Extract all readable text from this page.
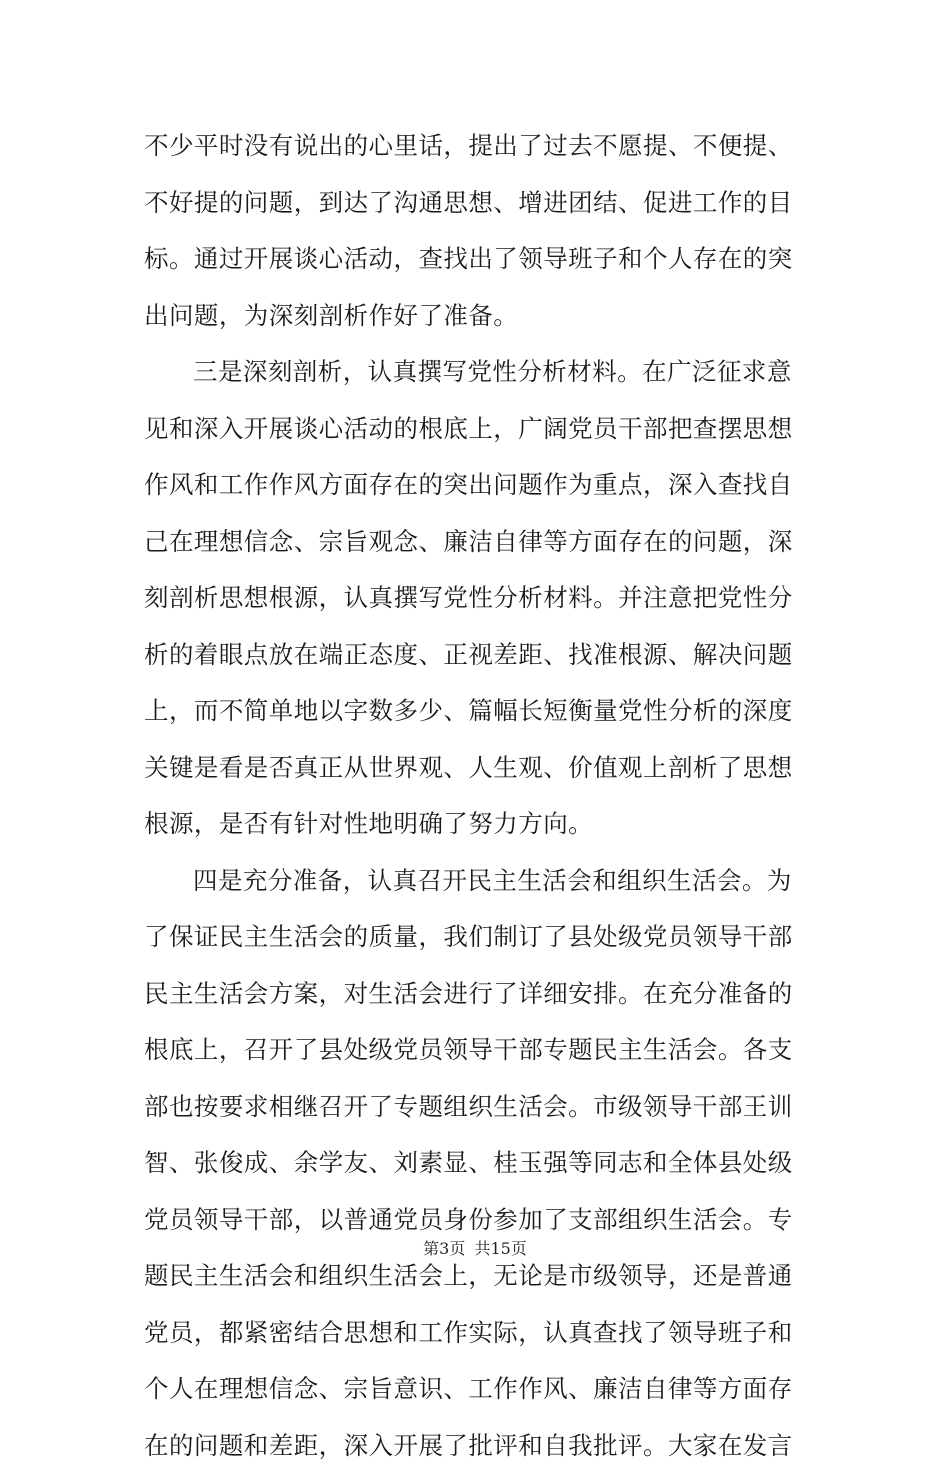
不少平时没有说出的心里话，提出了过去不愿提、不便提、
不好提的问题，到达了沟通思想、增进团结、促进工作的目
标。通过开展谈心活动，查找出了领导班子和个人存在的突
出问题，为深刻剖析作好了准备。
三是深刻剖析，认真撰写党性分析材料。在广泛征求意
见和深入开展谈心活动的根底上，广阔党员干部把查摆思想
作风和工作作风方面存在的突出问题作为重点，深入查找自
己在理想信念、宗旨观念、廉洁自律等方面存在的问题，深
刻剖析思想根源，认真撰写党性分析材料。并注意把党性分
析的着眼点放在端正态度、正视差距、找准根源、解决问题
上，而不简单地以字数多少、篇幅长短衡量党性分析的深度
关键是看是否真正从世界观、人生观、价值观上剖析了思想
根源，是否有针对性地明确了努力方向。
四是充分准备，认真召开民主生活会和组织生活会。为
了保证民主生活会的质量，我们制订了县处级党员领导干部
民主生活会方案，对生活会进行了详细安排。在充分准备的
根底上，召开了县处级党员领导干部专题民主生活会。各支
部也按要求相继召开了专题组织生活会。市级领导干部王训
智、张俊成、余学友、刘素显、桂玉强等同志和全体县处级
党员领导干部，以普通党员身份参加了支部组织生活会。专
题民主生活会和组织生活会上，无论是市级领导，还是普通
党员，都紧密结合思想和工作实际，认真查找了领导班子和
个人在理想信念、宗旨意识、工作作风、廉洁自律等方面存
在的问题和差距，深入开展了批评和自我批评。大家在发言
第3页 共15页
